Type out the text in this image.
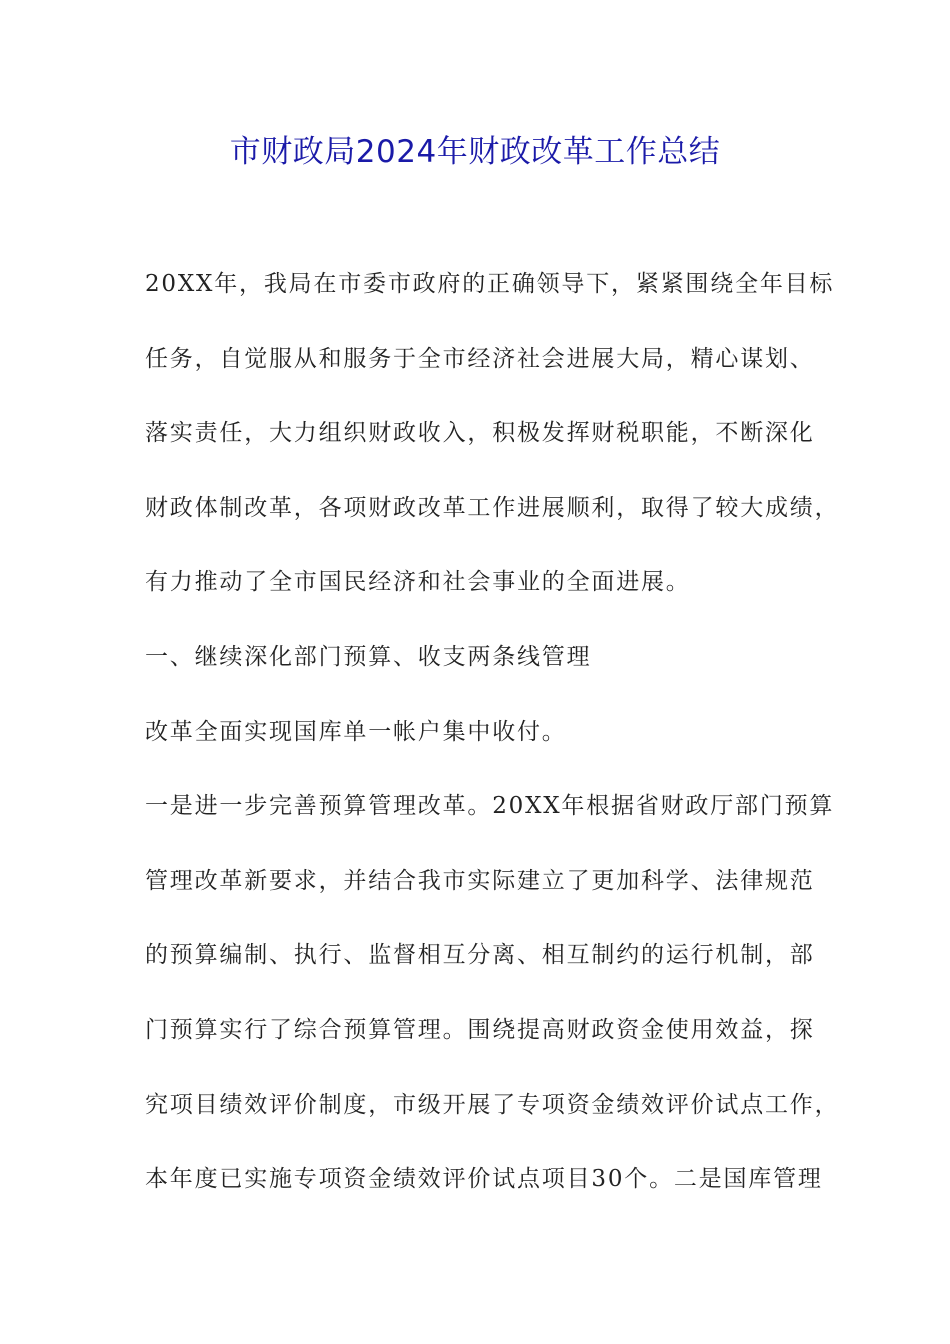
市财政局2024年财政改革工作总结
20XX年，我局在市委市政府的正确领导下，紧紧围绕全年目标
任务，自觉服从和服务于全市经济社会进展大局，精心谋划、
落实责任，大力组织财政收入，积极发挥财税职能，不断深化
财政体制改革，各项财政改革工作进展顺利，取得了较大成绩，
有力推动了全市国民经济和社会事业的全面进展。
一、继续深化部门预算、收支两条线管理
改革全面实现国库单一帐户集中收付。
一是进一步完善预算管理改革。20XX年根据省财政厅部门预算
管理改革新要求，并结合我市实际建立了更加科学、法律规范
的预算编制、执行、监督相互分离、相互制约的运行机制，部
门预算实行了综合预算管理。围绕提高财政资金使用效益，探
究项目绩效评价制度，市级开展了专项资金绩效评价试点工作，
本年度已实施专项资金绩效评价试点项目30个。二是国库管理
